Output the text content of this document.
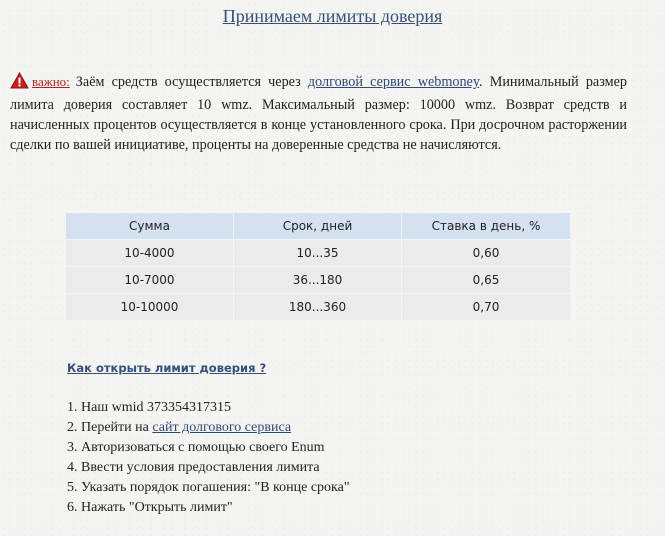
Принимаем лимиты доверия
важно: Заём средств осуществляется через долговой сервис webmoney. Минимальный размер лимита доверия составляет 10 wmz. Максимальный размер: 10000 wmz. Возврат средств и начисленных процентов осуществляется в конце установленного срока. При досрочном расторжении сделки по вашей инициативе, проценты на доверенные средства не начисляются.
Сумма	Срок, дней	Ставка в день, %
10-4000	10...35	0,60
10-7000	36...180	0,65
10-10000	180...360	0,70
Как открыть лимит доверия ?
1. Наш wmid 373354317315
2. Перейти на сайт долгового сервиса
3. Авторизоваться с помощью своего Enum
4. Ввести условия предоставления лимита
5. Указать порядок погашения: "В конце срока"
6. Нажать "Открыть лимит"
